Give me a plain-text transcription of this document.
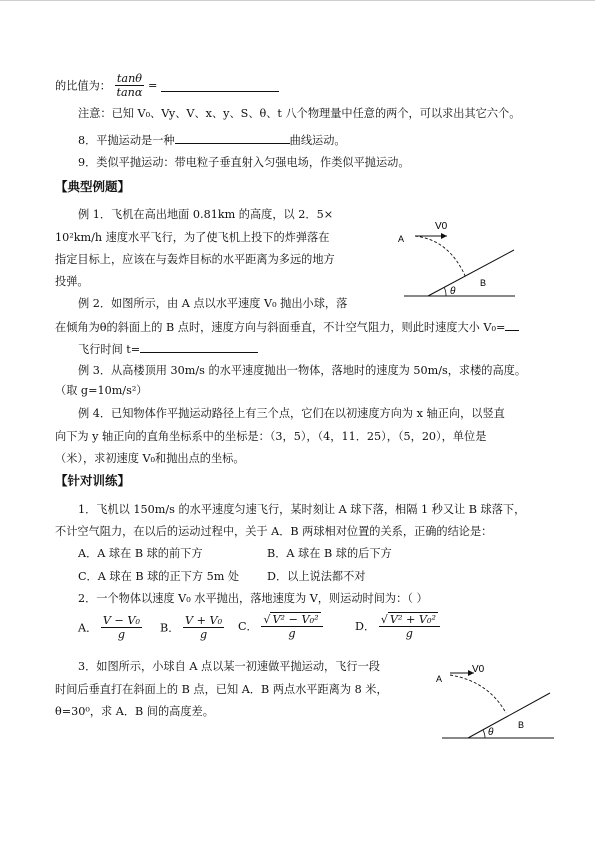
的比值为： $\frac{\tan\theta}{\tan\alpha}$ =
注意：已知 V₀、Vy、V、x、y、S、θ、t 八个物理量中任意的两个，可以求出其它六个。
8．平抛运动是一种	曲线运动。
9．类似平抛运动：带电粒子垂直射入匀强电场，作类似平抛运动。
【典型例题】
例 1．飞机在高出地面 0.81km 的高度，以 2．5×
10²km/h 速度水平飞行，为了使飞机上投下的炸弹落在
指定目标上，应该在与轰炸目标的水平距离为多远的地方
投弹。
A
V0
θ
B
例 2．如图所示，由 A 点以水平速度 V₀ 抛出小球，落
在倾角为θ的斜面上的 B 点时，速度方向与斜面垂直，不计空气阻力，则此时速度大小 V₀=
飞行时间 t=
例 3．从高楼顶用 30m/s 的水平速度抛出一物体，落地时的速度为 50m/s，求楼的高度。
（取 g=10m/s²）
例 4．已知物体作平抛运动路径上有三个点，它们在以初速度方向为 x 轴正向，以竖直
向下为 y 轴正向的直角坐标系中的坐标是：（3，5），（4，11．25），（5，20），单位是
（米），求初速度 V₀和抛出点的坐标。
【针对训练】
1．飞机以 150m/s 的水平速度匀速飞行，某时刻让 A 球下落，相隔 1 秒又让 B 球落下，
不计空气阻力，在以后的运动过程中，关于 A．B 两球相对位置的关系，正确的结论是：
A．A 球在 B 球的前下方	B．A 球在 B 球的后下方
C．A 球在 B 球的正下方 5m 处 D．以上说法都不对
2．一个物体以速度 V₀ 水平抛出，落地速度为 V，则运动时间为：（ ）
A． $\frac{\text{V − V₀}}{g}$ B． $\frac{\text{V + V₀}}{g}$ C． $\frac{\text{√ V² − V₀²}}{g}$	D． $\frac{\text{√ V² + V₀²}}{g}$
3．如图所示，小球自 A 点以某一初速做平抛运动，飞行一段
时间后垂直打在斜面上的 B 点，已知 A．B 两点水平距离为 8 米，
θ=30⁰，求 A．B 间的高度差。
A
V0
θ
B
